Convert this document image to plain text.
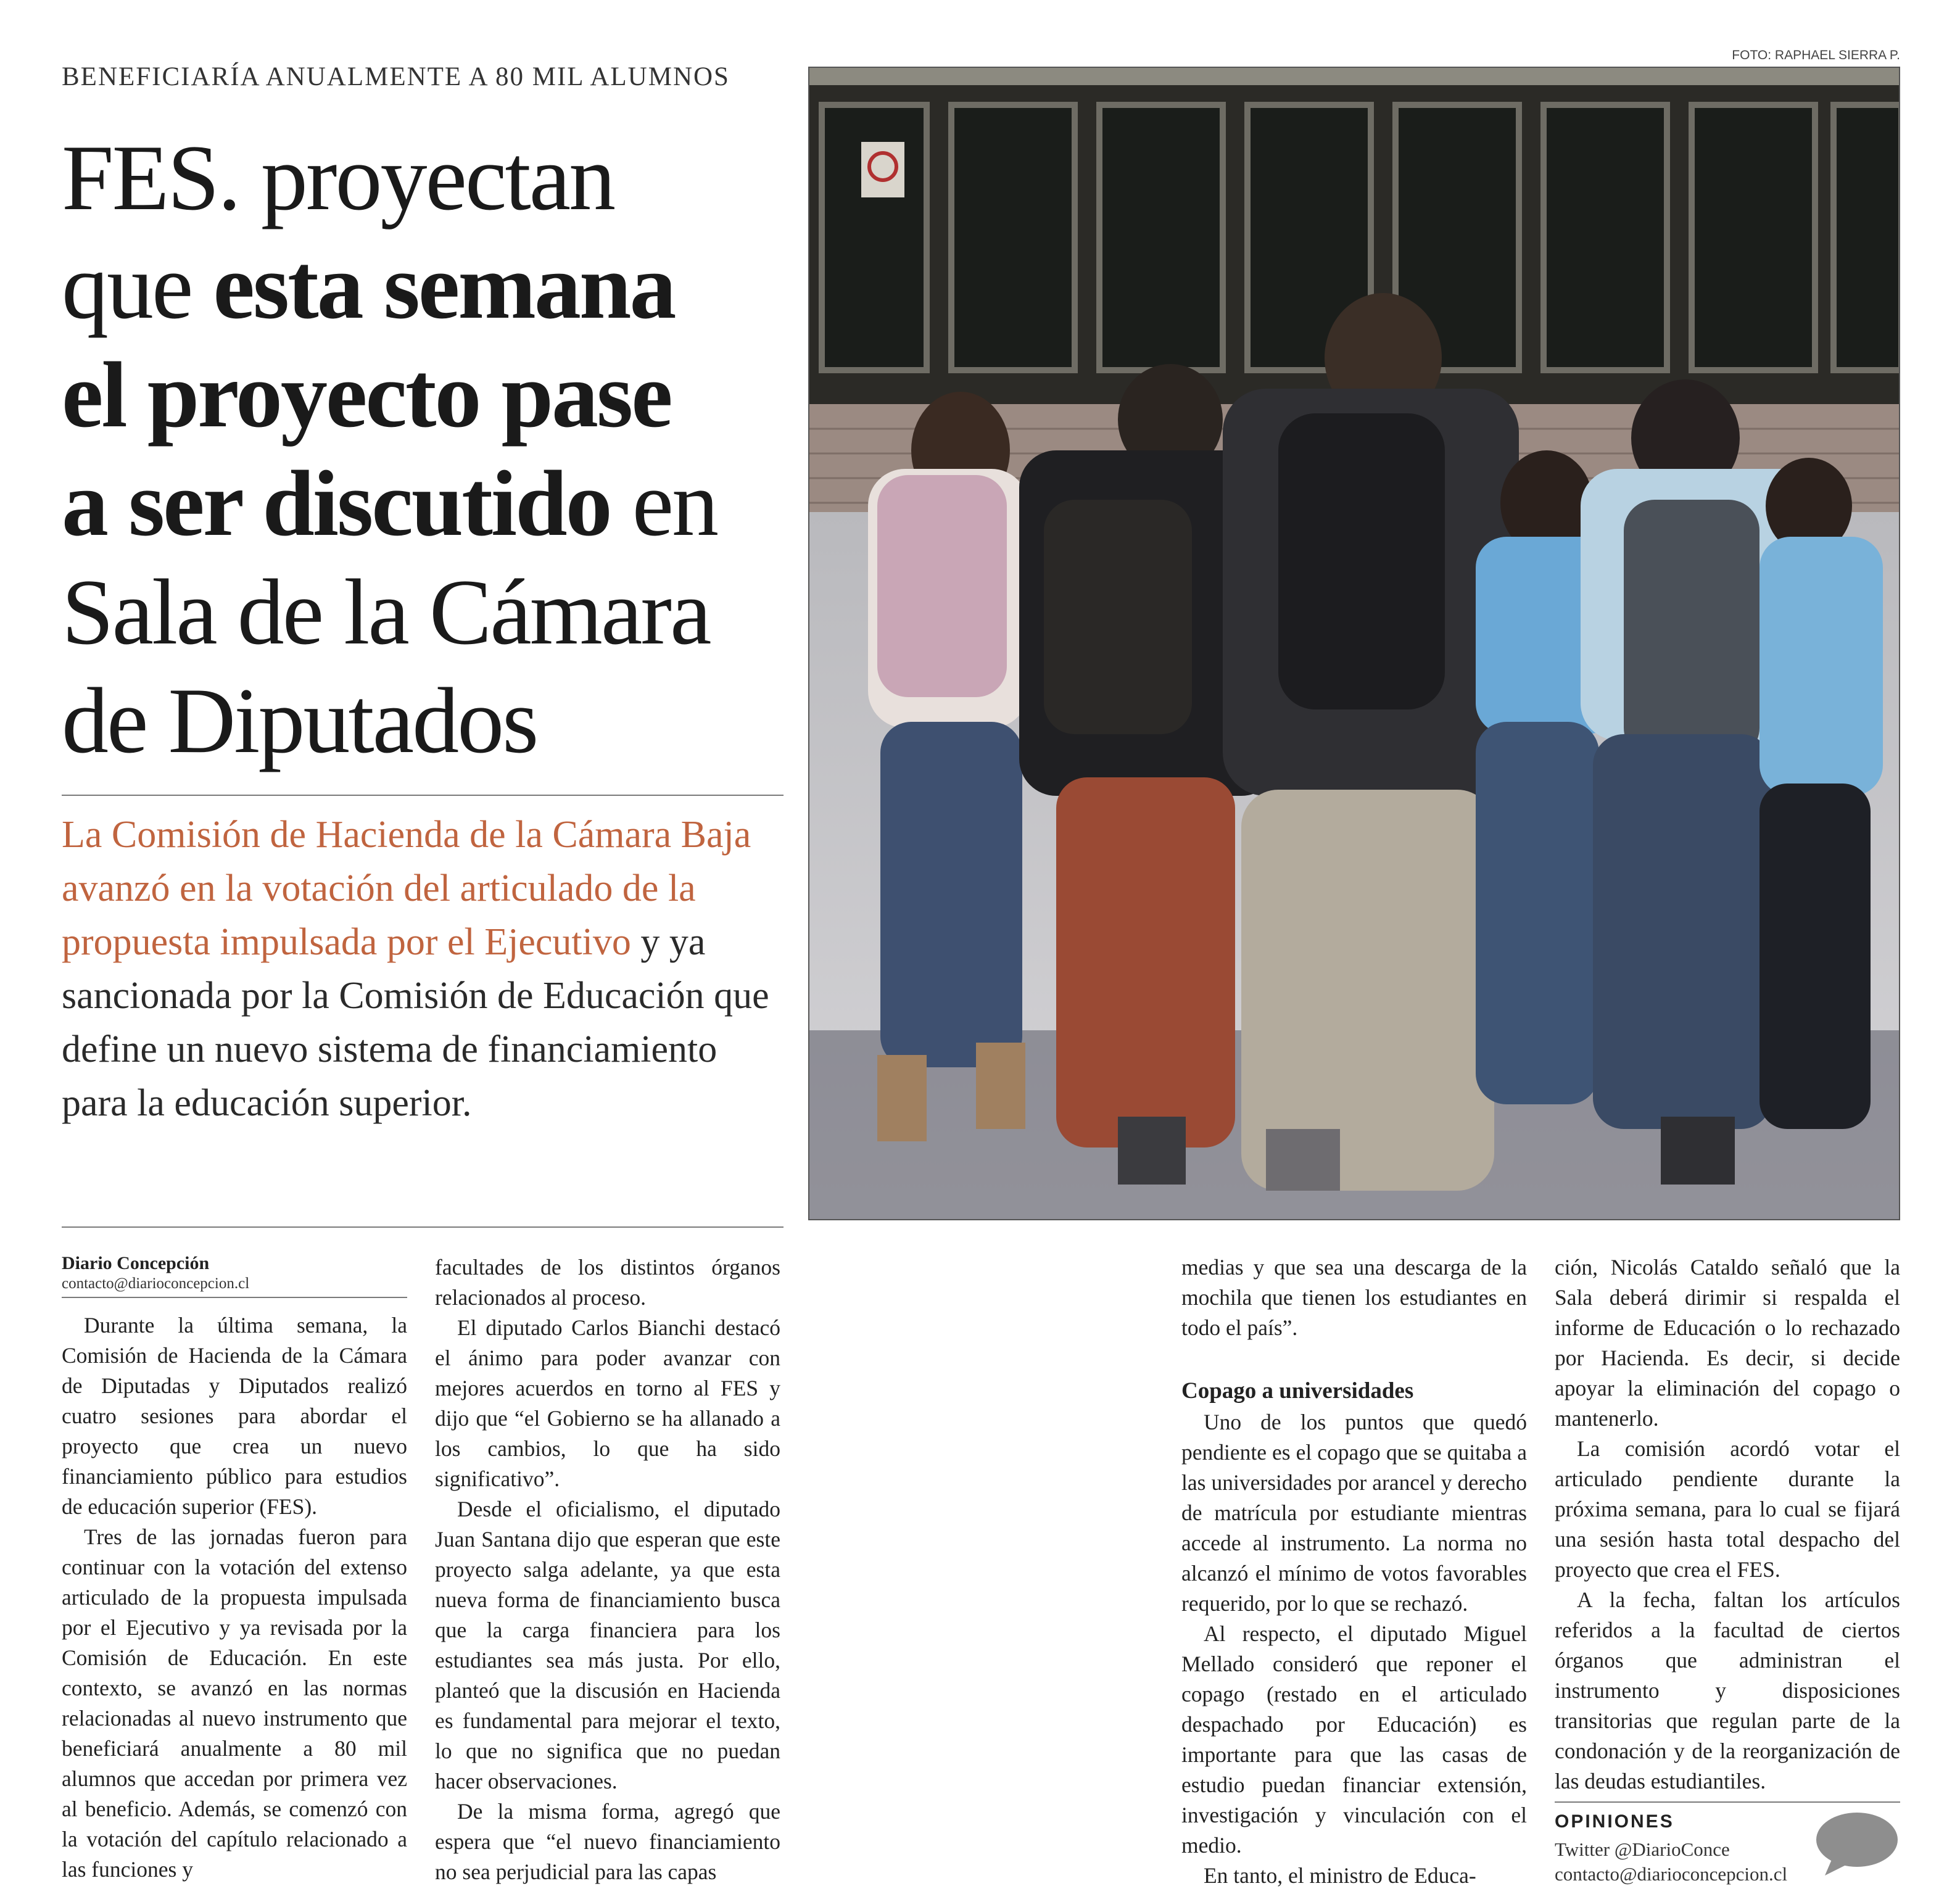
BENEFICIARÍA ANUALMENTE A 80 MIL ALUMNOS
FES. proyectan
que esta semana
el proyecto pase
a ser discutido en
Sala de la Cámara
de Diputados
La Comisión de Hacienda de la Cámara Baja avanzó en la votación del articulado de la propuesta impulsada por el Ejecutivo y ya sancionada por la Comisión de Educación que define un nuevo sistema de financiamiento para la educación superior.
FOTO: RAPHAEL SIERRA P.
Diario Concepción
contacto@diarioconcepcion.cl

Durante la última semana, la Comisión de Hacienda de la Cámara de Diputadas y Diputados realizó cuatro sesiones para abordar el proyecto que crea un nuevo financiamiento público para estudios de educación superior (FES).

Tres de las jornadas fueron para continuar con la votación del extenso articulado de la propuesta impulsada por el Ejecutivo y ya revisada por la Comisión de Educación. En este contexto, se avanzó en las normas relacionadas al nuevo instrumento que beneficiará anualmente a 80 mil alumnos que accedan por primera vez al beneficio. Además, se comenzó con la votación del capítulo relacionado a las funciones y

facultades de los distintos órganos relacionados al proceso.

El diputado Carlos Bianchi destacó el ánimo para poder avanzar con mejores acuerdos en torno al FES y dijo que “el Gobierno se ha allanado a los cambios, lo que ha sido significativo”.

Desde el oficialismo, el diputado Juan Santana dijo que esperan que este proyecto salga adelante, ya que esta nueva forma de financiamiento busca que la carga financiera para los estudiantes sea más justa. Por ello, planteó que la discusión en Hacienda es fundamental para mejorar el texto, lo que no significa que no puedan hacer observaciones.

De la misma forma, agregó que espera que “el nuevo financiamiento no sea perjudicial para las capas

medias y que sea una descarga de la mochila que tienen los estudiantes en todo el país”.

Copago a universidades

Uno de los puntos que quedó pendiente es el copago que se quitaba a las universidades por arancel y derecho de matrícula por estudiante mientras accede al instrumento. La norma no alcanzó el mínimo de votos favorables requerido, por lo que se rechazó.

Al respecto, el diputado Miguel Mellado consideró que reponer el copago (restado en el articulado despachado por Educación) es importante para que las casas de estudio puedan financiar extensión, investigación y vinculación con el medio.

En tanto, el ministro de Educa-

ción, Nicolás Cataldo señaló que la Sala deberá dirimir si respalda el informe de Educación o lo rechazado por Hacienda. Es decir, si decide apoyar la eliminación del copago o mantenerlo.

La comisión acordó votar el articulado pendiente durante la próxima semana, para lo cual se fijará una sesión hasta total despacho del proyecto que crea el FES.

A la fecha, faltan los artículos referidos a la facultad de ciertos órganos que administran el instrumento y disposiciones transitorias que regulan parte de la condonación y de la reorganización de las deudas estudiantiles.

OPINIONES
Twitter @DiarioConce
contacto@diarioconcepcion.cl
